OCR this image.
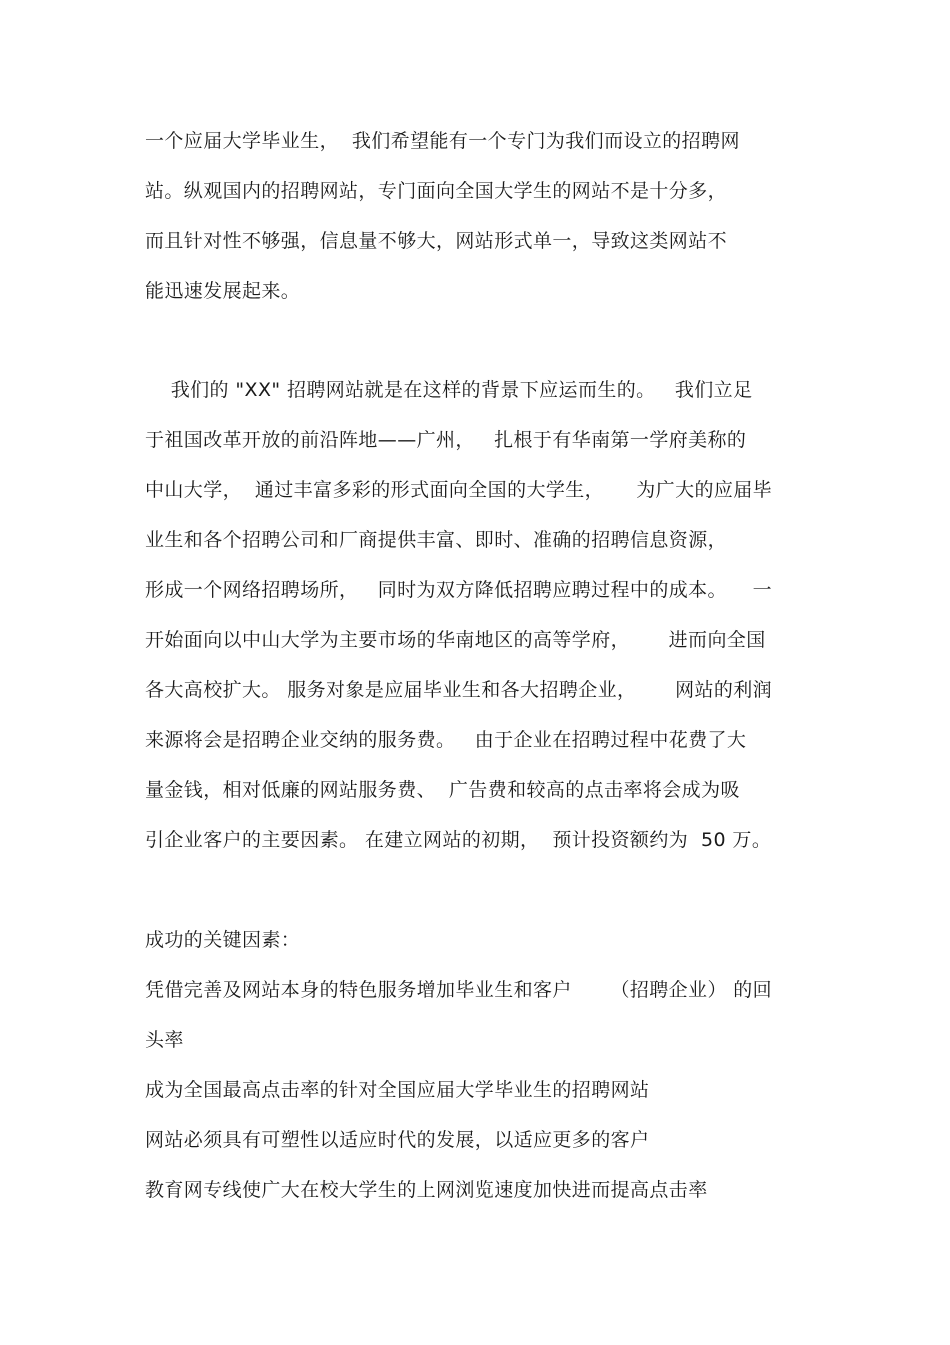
一个应届大学毕业生，  我们希望能有一个专门为我们而设立的招聘网
站。纵观国内的招聘网站，专门面向全国大学生的网站不是十分多，
而且针对性不够强，信息量不够大，网站形式单一，导致这类网站不
能迅速发展起来。
我们的 "XX" 招聘网站就是在这样的背景下应运而生的。   我们立足
于祖国改革开放的前沿阵地——广州，   扎根于有华南第一学府美称的
中山大学，  通过丰富多彩的形式面向全国的大学生，     为广大的应届毕
业生和各个招聘公司和厂商提供丰富、即时、准确的招聘信息资源，
形成一个网络招聘场所，   同时为双方降低招聘应聘过程中的成本。    一
开始面向以中山大学为主要市场的华南地区的高等学府，      进而向全国
各大高校扩大。 服务对象是应届毕业生和各大招聘企业，      网站的利润
来源将会是招聘企业交纳的服务费。   由于企业在招聘过程中花费了大
量金钱，相对低廉的网站服务费、  广告费和较高的点击率将会成为吸
引企业客户的主要因素。 在建立网站的初期，  预计投资额约为  50 万。
成功的关键因素：
凭借完善及网站本身的特色服务增加毕业生和客户      （招聘企业） 的回
头率
成为全国最高点击率的针对全国应届大学毕业生的招聘网站
网站必须具有可塑性以适应时代的发展，以适应更多的客户
教育网专线使广大在校大学生的上网浏览速度加快进而提高点击率
